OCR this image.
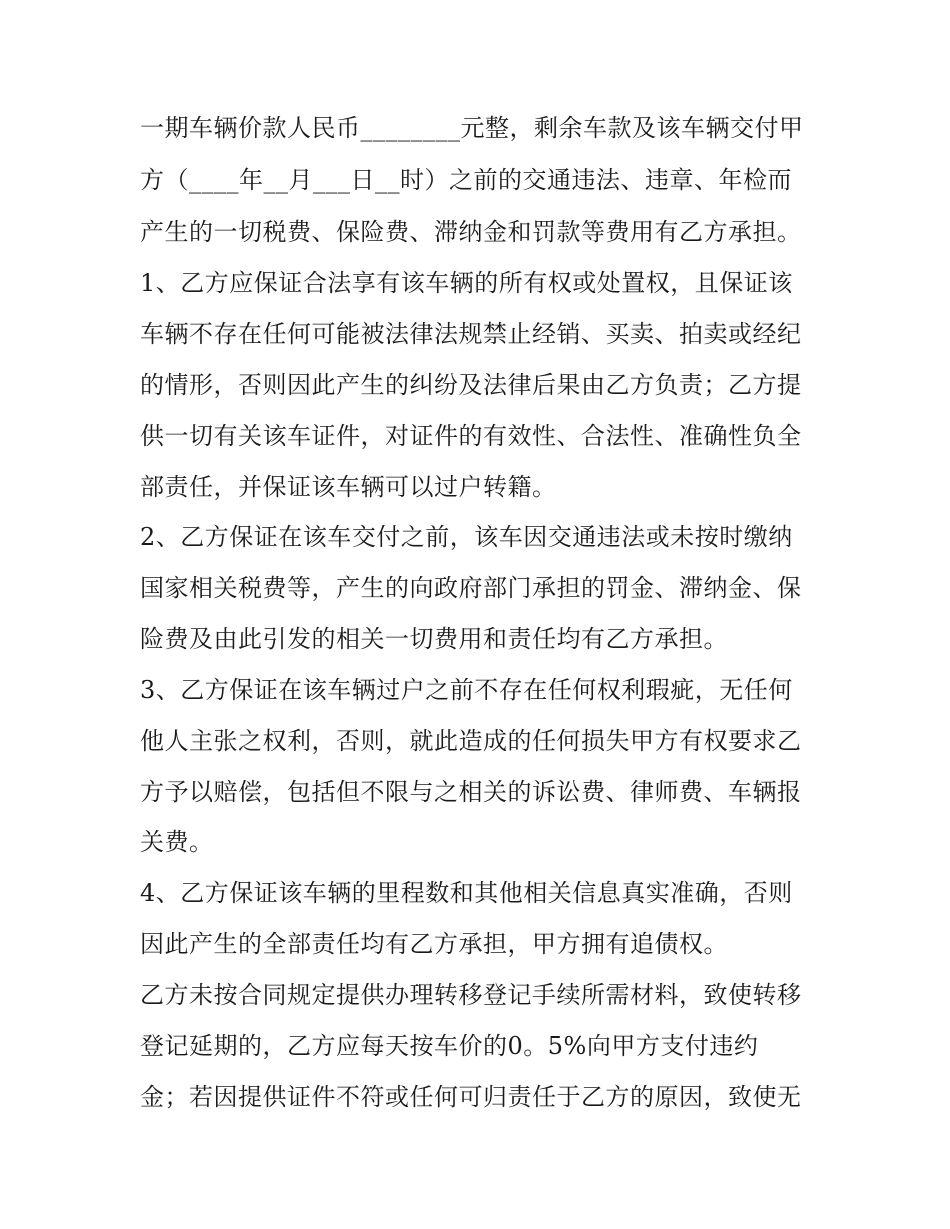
一期车辆价款人民币________元整，剩余车款及该车辆交付甲
方（____年__月___日__时）之前的交通违法、违章、年检而
产生的一切税费、保险费、滞纳金和罚款等费用有乙方承担。
1、乙方应保证合法享有该车辆的所有权或处置权，且保证该
车辆不存在任何可能被法律法规禁止经销、买卖、拍卖或经纪
的情形，否则因此产生的纠纷及法律后果由乙方负责；乙方提
供一切有关该车证件，对证件的有效性、合法性、准确性负全
部责任，并保证该车辆可以过户转籍。
2、乙方保证在该车交付之前，该车因交通违法或未按时缴纳
国家相关税费等，产生的向政府部门承担的罚金、滞纳金、保
险费及由此引发的相关一切费用和责任均有乙方承担。
3、乙方保证在该车辆过户之前不存在任何权利瑕疵，无任何
他人主张之权利，否则，就此造成的任何损失甲方有权要求乙
方予以赔偿，包括但不限与之相关的诉讼费、律师费、车辆报
关费。
4、乙方保证该车辆的里程数和其他相关信息真实准确，否则
因此产生的全部责任均有乙方承担，甲方拥有追债权。
乙方未按合同规定提供办理转移登记手续所需材料，致使转移
登记延期的，乙方应每天按车价的0。5%向甲方支付违约
金；若因提供证件不符或任何可归责任于乙方的原因，致使无
